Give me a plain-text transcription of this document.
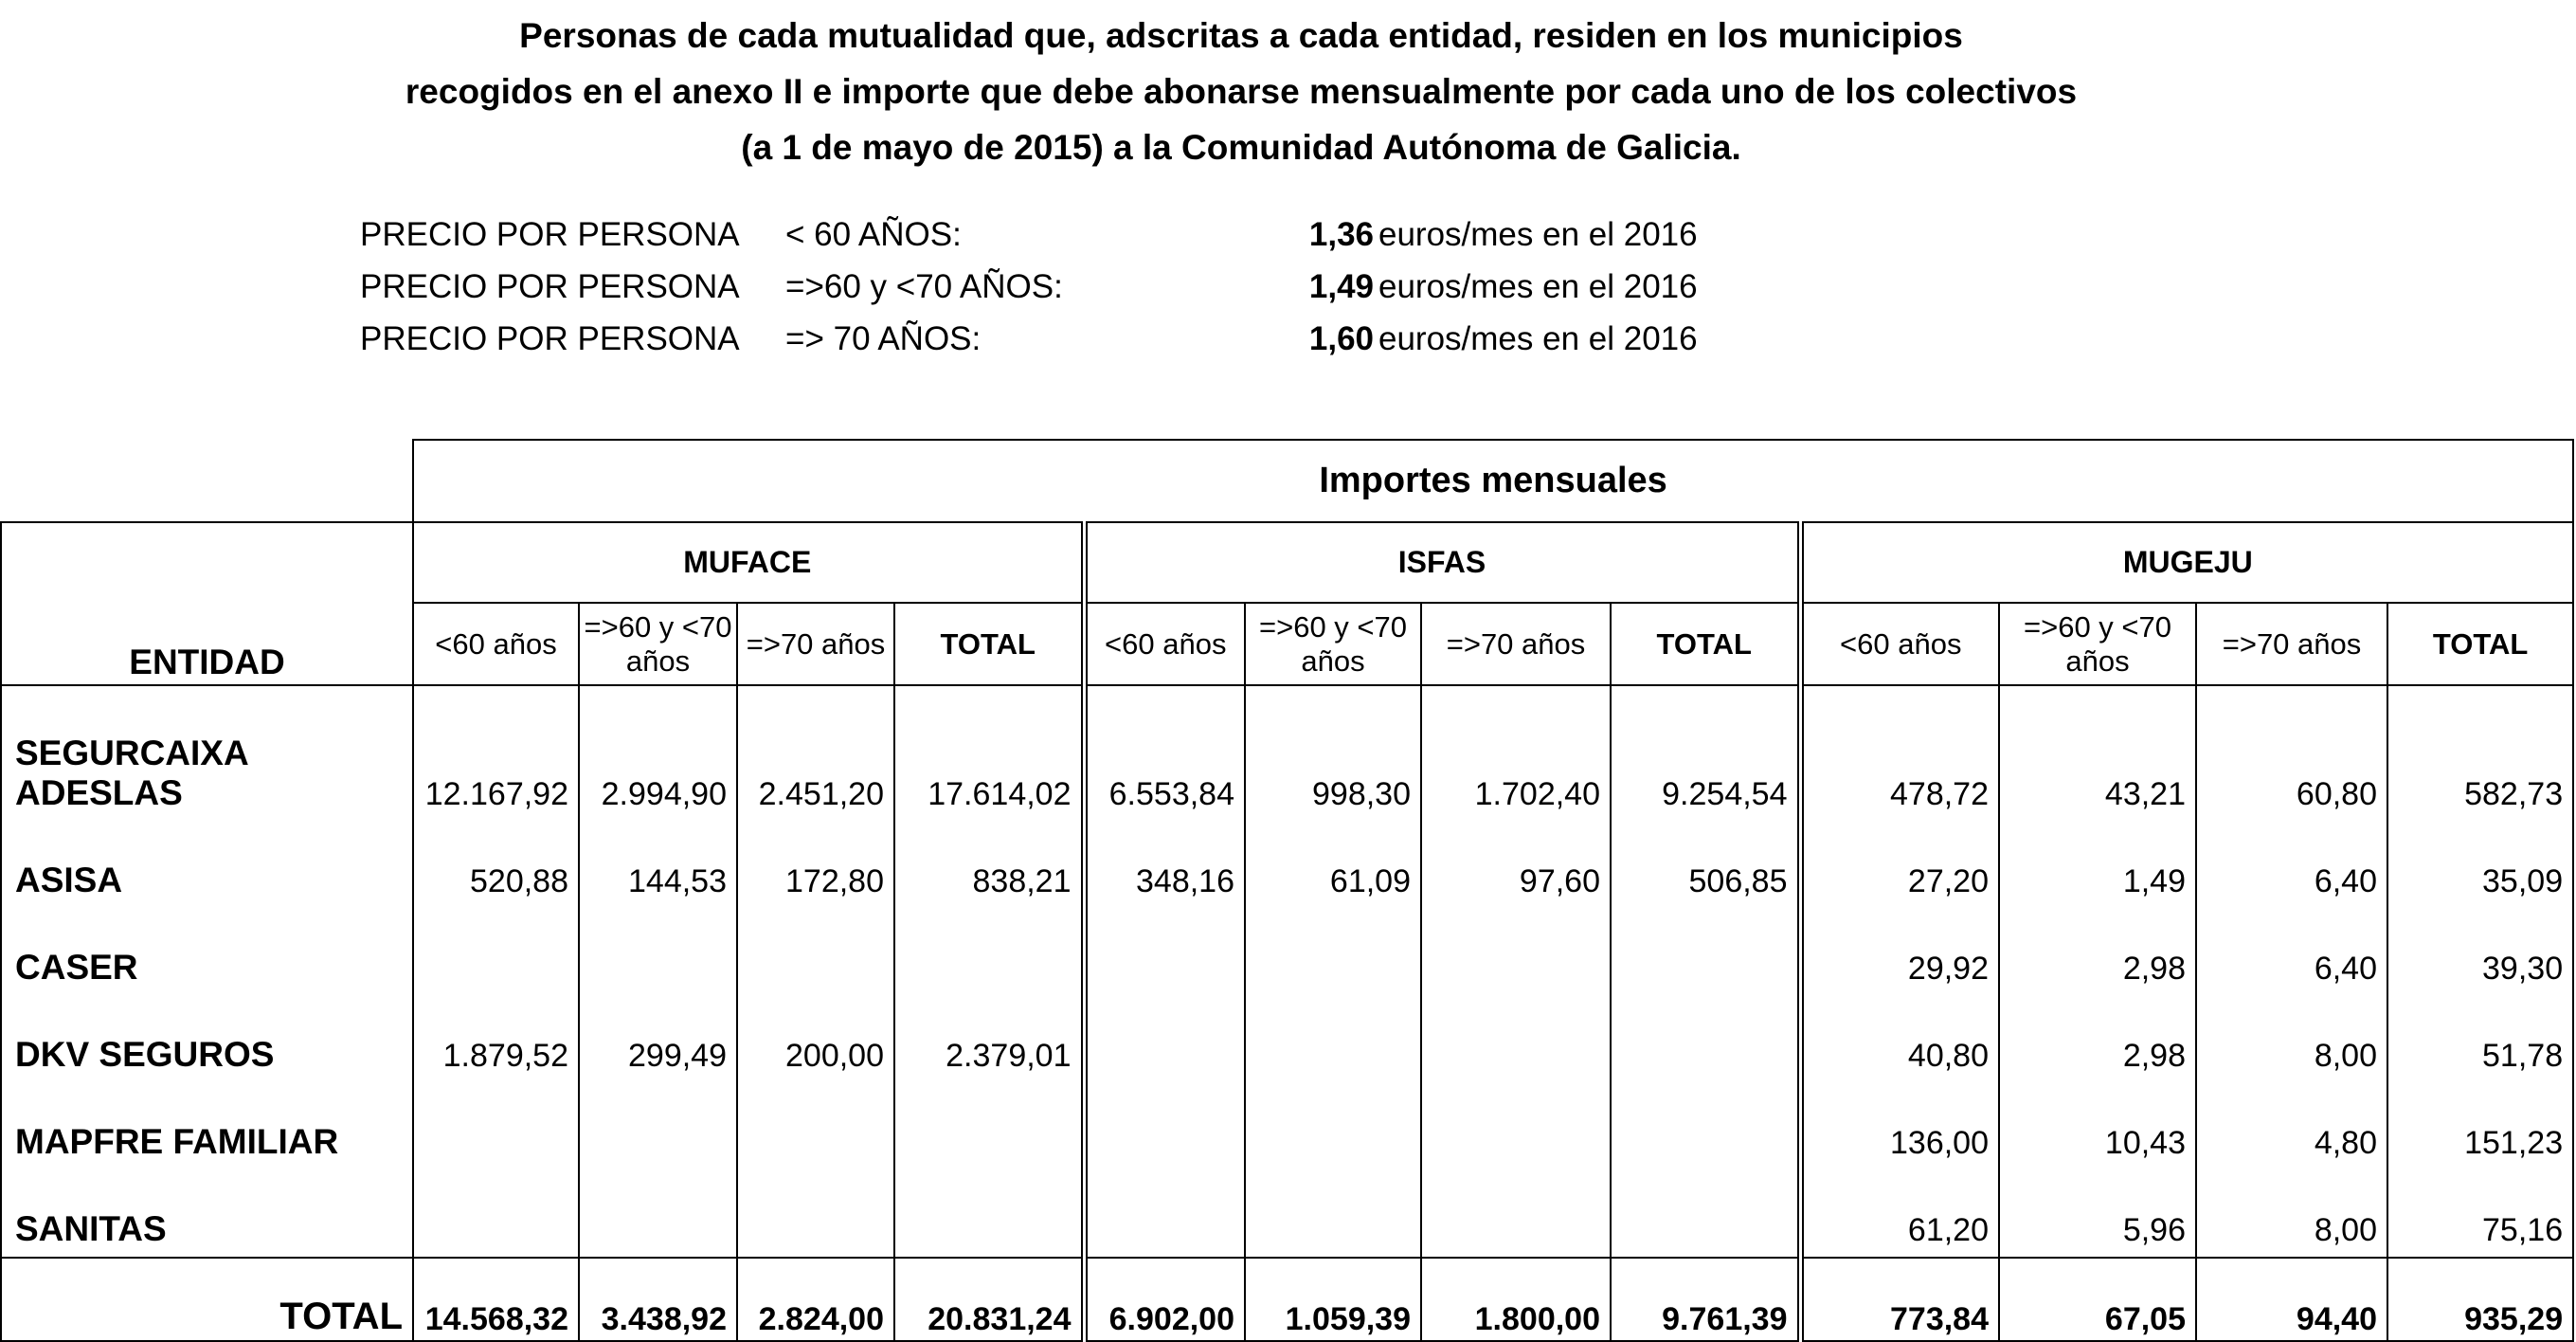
Personas de cada mutualidad que, adscritas a cada entidad, residen en los municipios
recogidos en el anexo II e importe que debe abonarse mensualmente por cada uno de los colectivos
(a 1 de mayo de 2015) a la Comunidad Autónoma de Galicia.
PRECIO POR PERSONA < 60 AÑOS:	1,36 euros/mes en el 2016
PRECIO POR PERSONA =>60 y <70 AÑOS:	1,49 euros/mes en el 2016
PRECIO POR PERSONA => 70 AÑOS:	1,60 euros/mes en el 2016
	Importes mensuales											
ENTIDAD	MUFACE				ISFAS				MUGEJU			
	<60 años	=>60 y <70 años	=>70 años	TOTAL	<60 años	=>60 y <70 años	=>70 años	TOTAL	<60 años	=>60 y <70 años	=>70 años	TOTAL

SEGURCAIXA
ADESLAS	12.167,92	2.994,90	2.451,20	17.614,02	6.553,84	998,30	1.702,40	9.254,54	478,72	43,21	60,80	582,73
ASISA	520,88	144,53	172,80	838,21	348,16	61,09	97,60	506,85	27,20	1,49	6,40	35,09
CASER									29,92	2,98	6,40	39,30
DKV SEGUROS	1.879,52	299,49	200,00	2.379,01					40,80	2,98	8,00	51,78
MAPFRE FAMILIAR									136,00	10,43	4,80	151,23
SANITAS									61,20	5,96	8,00	75,16
TOTAL	14.568,32	3.438,92	2.824,00	20.831,24	6.902,00	1.059,39	1.800,00	9.761,39	773,84	67,05	94,40	935,29
